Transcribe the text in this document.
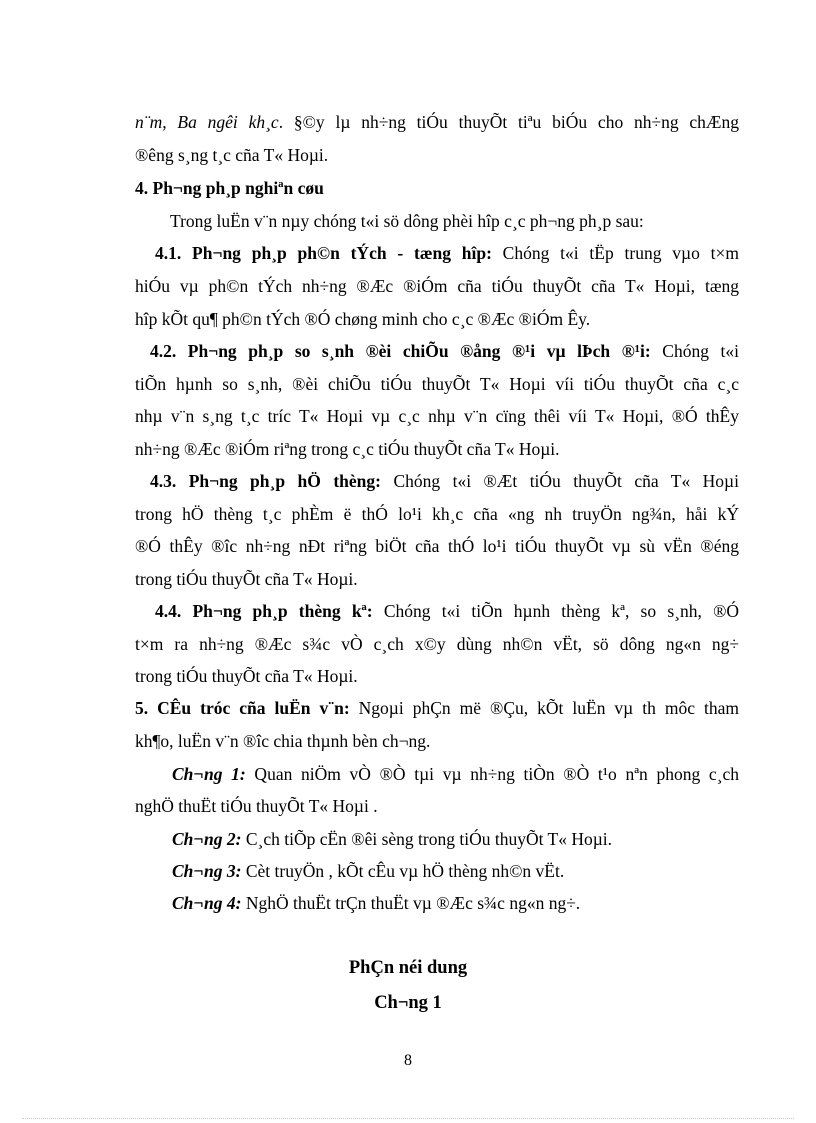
n¨m, Ba ngêi kh¸c. §©y lµ nh÷ng tiÓu thuyÕt tiªu biÓu cho nh÷ng chÆng
®êng s¸ng t¸c cña T« Hoµi.
4. Ph¬ng ph¸p nghiªn cøu
Trong luËn v¨n nµy chóng t«i sö dông phèi hîp c¸c ph¬ng ph¸p sau:
4.1. Ph¬ng ph¸p ph©n tÝch - tæng hîp: Chóng t«i tËp trung vµo t×m
hiÓu vµ ph©n tÝch nh÷ng ®Æc ®iÓm cña tiÓu thuyÕt cña T« Hoµi, tæng
hîp kÕt qu¶ ph©n tÝch ®Ó chøng minh cho c¸c ®Æc ®iÓm Êy.
4.2. Ph¬ng ph¸p so s¸nh ®èi chiÕu ®ång ®¹i vµ lÞch ®¹i: Chóng t«i
tiÕn hµnh so s¸nh, ®èi chiÕu tiÓu thuyÕt T« Hoµi víi tiÓu thuyÕt cña c¸c
nhµ v¨n s¸ng t¸c tríc T« Hoµi vµ c¸c nhµ v¨n cïng thêi víi T« Hoµi, ®Ó thÊy
nh÷ng ®Æc ®iÓm riªng trong c¸c tiÓu thuyÕt cña T« Hoµi.
4.3. Ph¬ng ph¸p hÖ thèng: Chóng t«i ®Æt tiÓu thuyÕt cña T« Hoµi
trong hÖ thèng t¸c phÈm ë thÓ lo¹i kh¸c cña «ng nh truyÖn ng¾n, håi kÝ
®Ó thÊy ®îc nh÷ng nÐt riªng biÖt cña thÓ lo¹i tiÓu thuyÕt vµ sù vËn ®éng
trong tiÓu thuyÕt cña T« Hoµi.
4.4. Ph¬ng ph¸p thèng kª: Chóng t«i tiÕn hµnh thèng kª, so s¸nh, ®Ó
t×m ra nh÷ng ®Æc s¾c vÒ c¸ch x©y dùng nh©n vËt, sö dông ng«n ng÷
trong tiÓu thuyÕt cña T« Hoµi.
5. CÊu tróc cña luËn v¨n: Ngoµi phÇn më ®Çu, kÕt luËn vµ th môc tham
kh¶o, luËn v¨n ®îc chia thµnh bèn ch¬ng.
Ch¬ng 1: Quan niÖm vÒ ®Ò tµi vµ nh÷ng tiÒn ®Ò t¹o nªn phong c¸ch
nghÖ thuËt tiÓu thuyÕt T« Hoµi .
Ch¬ng 2: C¸ch tiÕp cËn ®êi sèng trong tiÓu thuyÕt T« Hoµi.
Ch¬ng 3: Cèt truyÖn , kÕt cÊu vµ hÖ thèng nh©n vËt.
Ch¬ng 4: NghÖ thuËt trÇn thuËt vµ ®Æc s¾c ng«n ng÷.
PhÇn néi dung
Ch¬ng 1
8
